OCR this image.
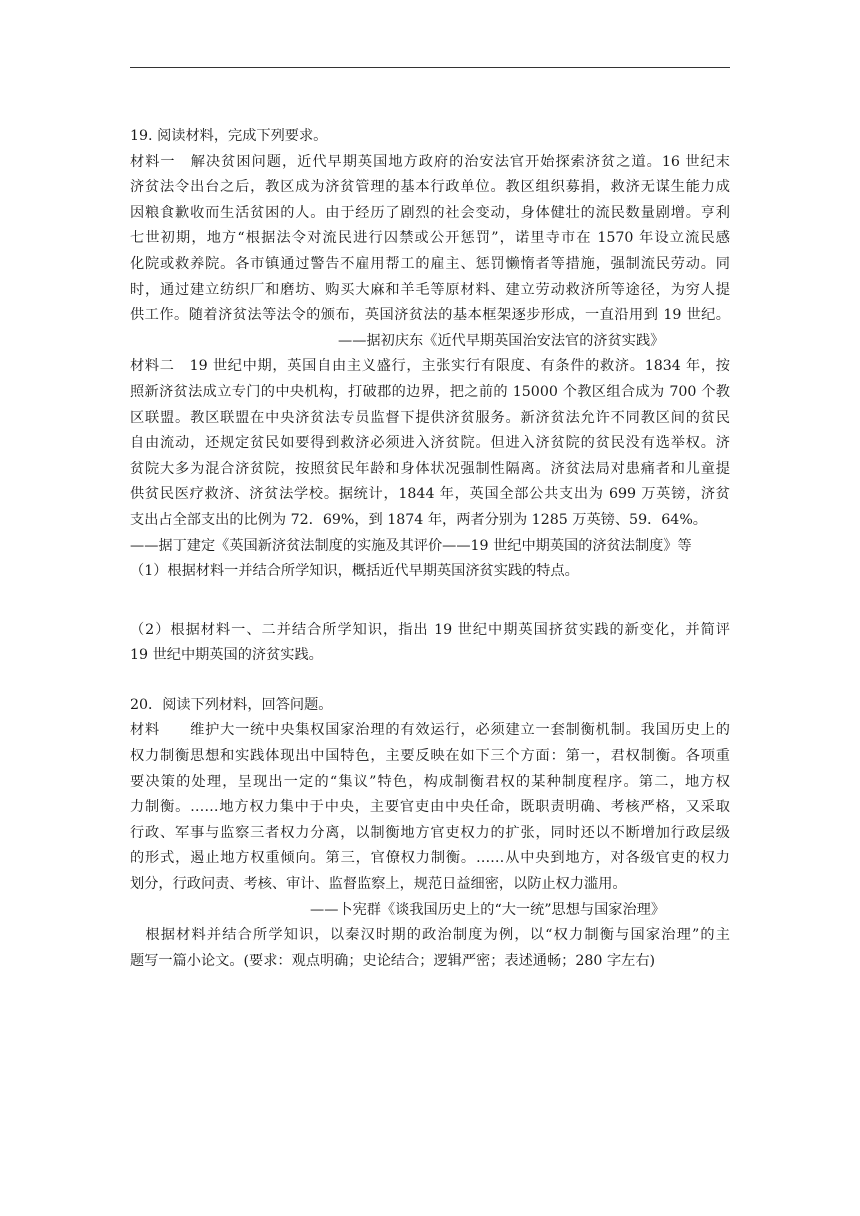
19. 阅读材料，完成下列要求。
材料一　解决贫困问题，近代早期英国地方政府的治安法官开始探索济贫之道。16 世纪末
济贫法令出台之后，教区成为济贫管理的基本行政单位。教区组织募捐，救济无谋生能力成
因粮食歉收而生活贫困的人。由于经历了剧烈的社会变动，身体健壮的流民数量剧增。亨利
七世初期，地方“根据法令对流民进行囚禁或公开惩罚”，诺里寺市在 1570 年设立流民感
化院或救养院。各市镇通过警告不雇用帮工的雇主、惩罚懒惰者等措施，强制流民劳动。同
时，通过建立纺织厂和磨坊、购买大麻和羊毛等原材料、建立劳动救济所等途径，为穷人提
供工作。随着济贫法等法令的颁布，英国济贫法的基本框架逐步形成，一直沿用到 19 世纪。
——据初庆东《近代早期英国治安法官的济贫实践》
材料二　19 世纪中期，英国自由主义盛行，主张实行有限度、有条件的救济。1834 年，按
照新济贫法成立专门的中央机构，打破郡的边界，把之前的 15000 个教区组合成为 700 个教
区联盟。教区联盟在中央济贫法专员监督下提供济贫服务。新济贫法允许不同教区间的贫民
自由流动，还规定贫民如要得到救济必须进入济贫院。但进入济贫院的贫民没有选举权。济
贫院大多为混合济贫院，按照贫民年龄和身体状况强制性隔离。济贫法局对患痛者和儿童提
供贫民医疗救济、济贫法学校。据统计，1844 年，英国全部公共支出为 699 万英镑，济贫
支出占全部支出的比例为 72．69%，到 1874 年，两者分别为 1285 万英镑、59．64%。
——据丁建定《英国新济贫法制度的实施及其评价——19 世纪中期英国的济贫法制度》等
（1）根据材料一并结合所学知识，概括近代早期英国济贫实践的特点。
（2）根据材料一、二并结合所学知识，指出 19 世纪中期英国挤贫实践的新变化，并简评
19 世纪中期英国的济贫实践。
20．阅读下列材料，回答问题。
材料　　维护大一统中央集权国家治理的有效运行，必须建立一套制衡机制。我国历史上的
权力制衡思想和实践体现出中国特色，主要反映在如下三个方面：第一，君权制衡。各项重
要决策的处理，呈现出一定的“集议”特色，构成制衡君权的某种制度程序。第二，地方权
力制衡。……地方权力集中于中央，主要官吏由中央任命，既职责明确、考核严格，又采取
行政、军事与监察三者权力分离，以制衡地方官吏权力的扩张，同时还以不断增加行政层级
的形式，遏止地方权重倾向。第三，官僚权力制衡。……从中央到地方，对各级官吏的权力
划分，行政问责、考核、审计、监督监察上，规范日益细密，以防止权力滥用。
——卜宪群《谈我国历史上的“大一统”思想与国家治理》
　根据材料并结合所学知识，以秦汉时期的政治制度为例，以“权力制衡与国家治理”的主
题写一篇小论文。(要求：观点明确；史论结合；逻辑严密；表述通畅；280 字左右)
